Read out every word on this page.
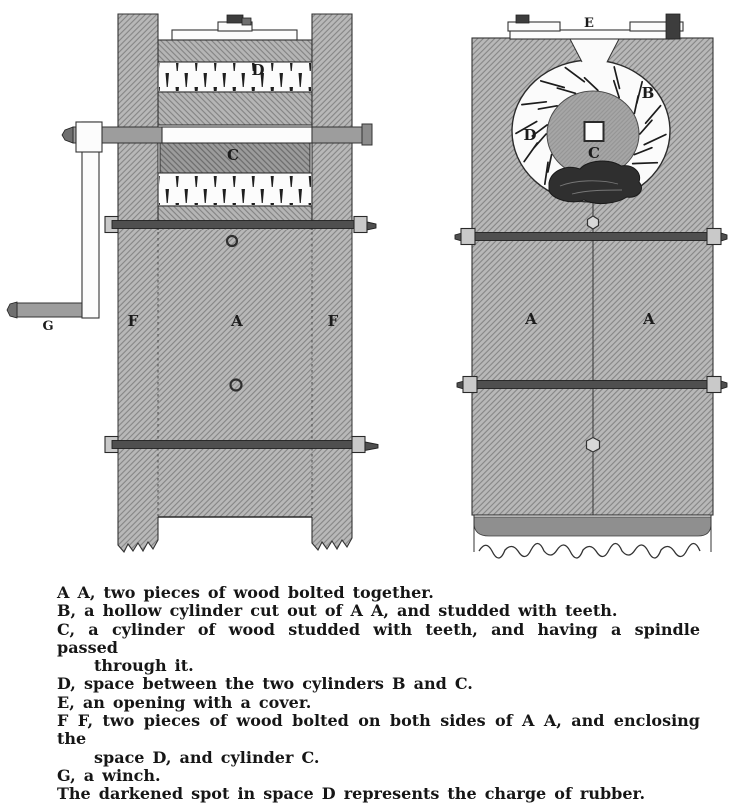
D
C
F	A	F
G
E
B
D
C
A	A
A A, two pieces of wood bolted together.
B, a hollow cylinder cut out of A A, and studded with teeth.
C, a cylinder of wood studded with teeth, and having a spindle passed
through it.
D, space between the two cylinders B and C.
E, an opening with a cover.
F F, two pieces of wood bolted on both sides of A A, and enclosing the
space D, and cylinder C.
G, a winch.
The darkened spot in space D represents the charge of rubber.
